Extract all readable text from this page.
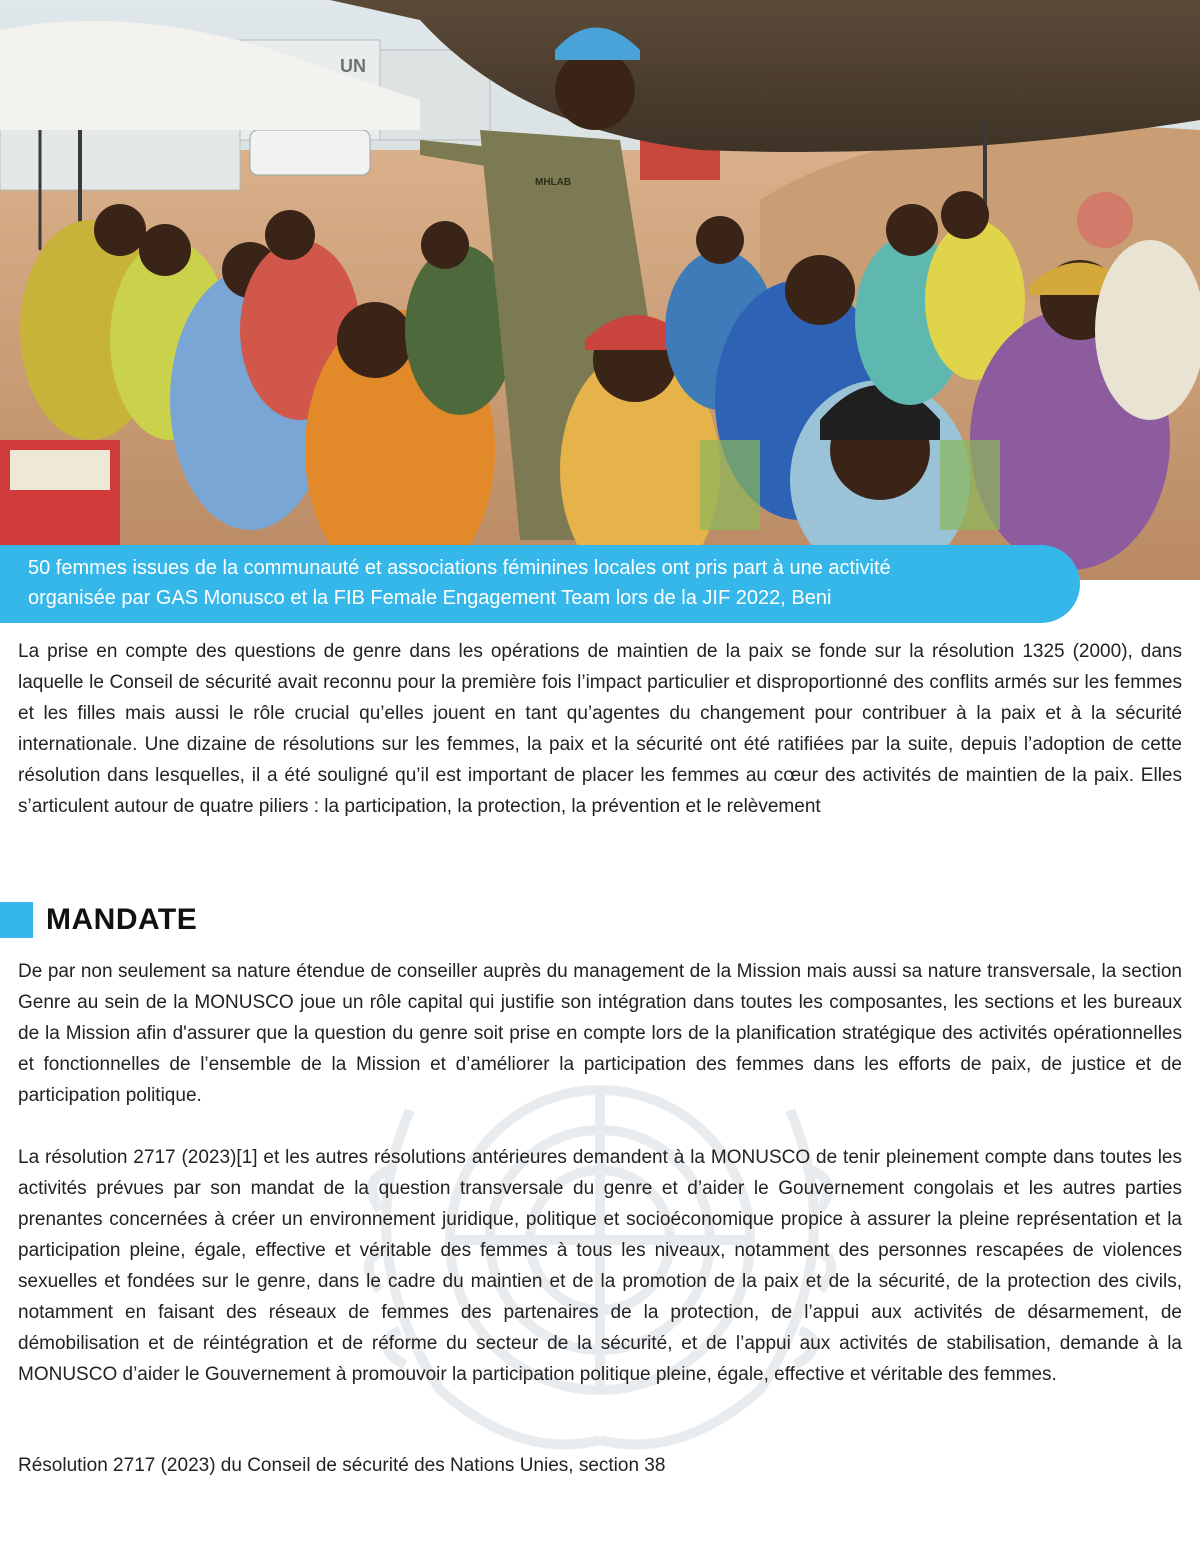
UN
MHLAB
50 femmes issues de la communauté et associations féminines locales ont pris part à une activité
organisée par GAS Monusco et la FIB Female Engagement Team lors de la JIF 2022, Beni

La prise en compte des questions de genre dans les opérations de maintien de la paix se fonde sur la résolution 1325 (2000), dans laquelle le Conseil de sécurité avait reconnu pour la première fois l’impact particulier et disproportionné des conflits armés sur les femmes et les filles mais aussi le rôle crucial qu’elles jouent en tant qu’agentes du changement pour contribuer à la paix et à la sécurité internationale. Une dizaine de résolutions sur les femmes, la paix et la sécurité ont été ratifiées par la suite, depuis l’adoption de cette résolution dans lesquelles, il a été souligné qu’il est important de placer les femmes au cœur des activités de maintien de la paix. Elles s’articulent autour de quatre piliers : la participation, la protection, la prévention et le relèvement

MANDATE

De par non seulement sa nature étendue de conseiller auprès du management de la Mission mais aussi sa nature transversale, la section Genre au sein de la MONUSCO joue un rôle capital qui justifie son intégration dans toutes les composantes, les sections et les bureaux de la Mission afin d'assurer que la question du genre soit prise en compte lors de la planification stratégique des activités opérationnelles et fonctionnelles de l’ensemble de la Mission et d’améliorer la participation des femmes dans les efforts de paix, de justice et de participation politique.

La résolution 2717 (2023)[1] et les autres résolutions antérieures demandent à la MONUSCO de tenir pleinement compte dans toutes les activités prévues par son mandat de la question transversale du genre et d’aider le Gouvernement congolais et les autres parties prenantes concernées à créer un environnement juridique, politique et socioéconomique propice à assurer la pleine représentation et la participation pleine, égale, effective et véritable des femmes à tous les niveaux, notamment des personnes rescapées de violences sexuelles et fondées sur le genre, dans le cadre du maintien et de la promotion de la paix et de la sécurité, de la protection des civils, notamment en faisant des réseaux de femmes des partenaires de la protection, de l’appui aux activités de désarmement, de démobilisation et de réintégration et de réforme du secteur de la sécurité, et de l’appui aux activités de stabilisation, demande à la MONUSCO d’aider le Gouvernement à promouvoir la participation politique pleine, égale, effective et véritable des femmes.

Résolution 2717 (2023) du Conseil de sécurité des Nations Unies, section 38
